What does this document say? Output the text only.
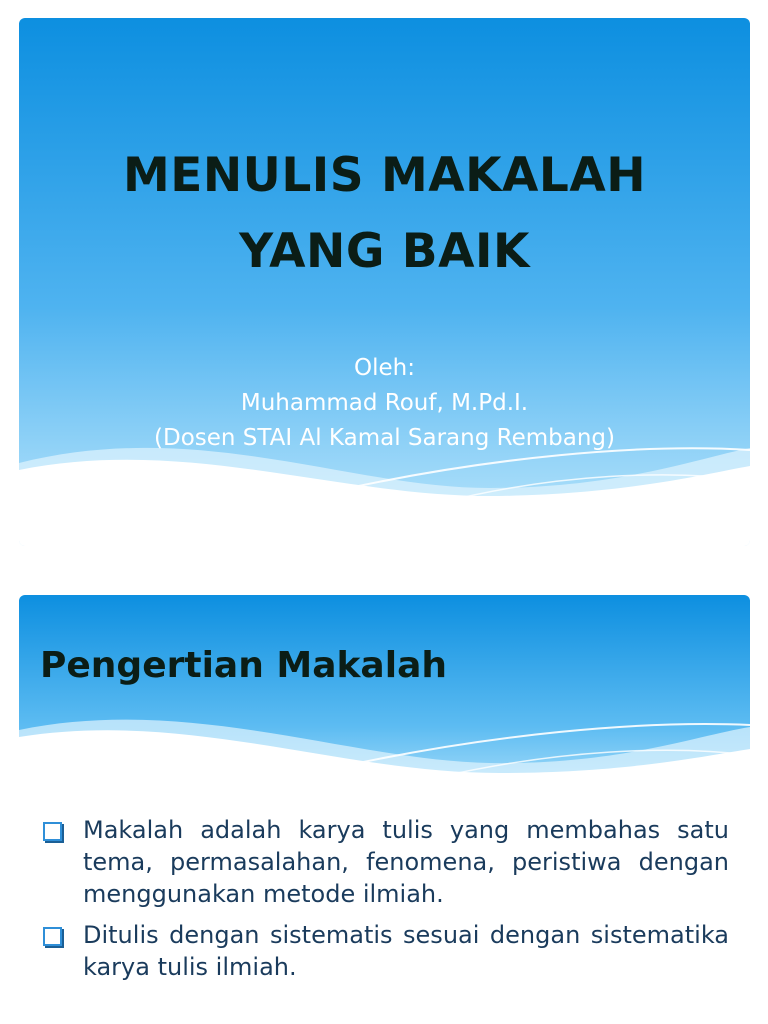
MENULIS MAKALAH
YANG BAIK
Oleh:
Muhammad Rouf, M.Pd.I.
(Dosen STAI Al Kamal Sarang Rembang)
Pengertian Makalah
Makalah adalah karya tulis yang membahas satu tema, permasalahan, fenomena, peristiwa dengan menggunakan metode ilmiah.
Ditulis dengan sistematis sesuai dengan sistematika karya tulis ilmiah.
